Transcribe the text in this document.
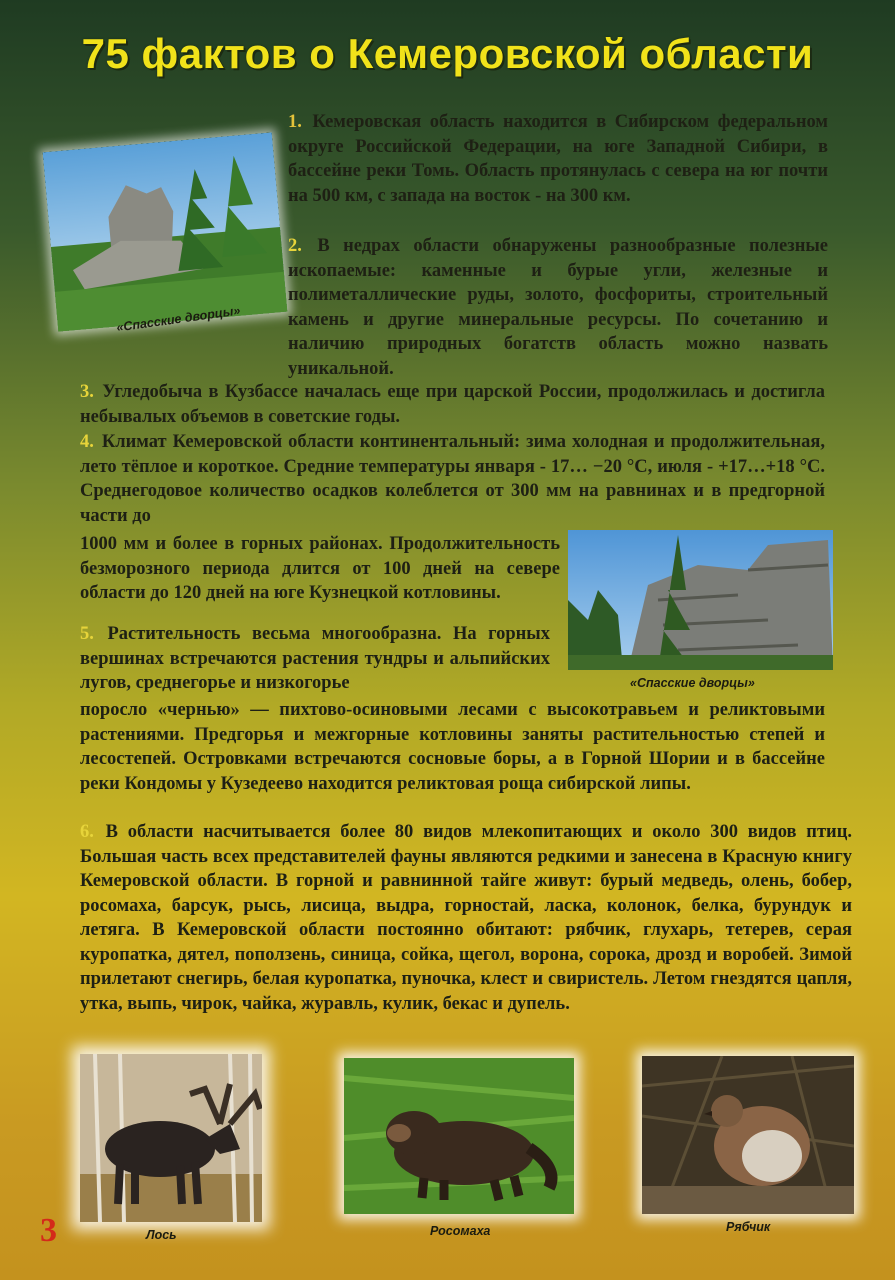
75 фактов о Кемеровской области
«Спасские дворцы»
1. Кемеровская область находится в Сибирском федеральном округе Российской Федерации, на юге Западной Сибири, в бассейне реки Томь. Область протянулась с севера на юг почти на 500 км, с запада на восток - на 300 км.
2. В недрах области обнаружены разнообразные полезные ископаемые: каменные и бурые угли, железные и полиметаллические руды, золото, фосфориты, строительный камень и другие минеральные ресурсы. По сочетанию и наличию природных богатств область можно назвать уникальной.
3. Угледобыча в Кузбассе началась еще при царской России, продолжилась и достигла небывалых объемов в советские годы.
4. Климат Кемеровской области континентальный: зима холодная и продолжительная, лето тёплое и короткое. Средние температуры января - 17… −20 °С, июля - +17…+18 °С. Среднегодовое количество осадков колеблется от 300 мм на равнинах и в предгорной части до
1000 мм и более в горных районах. Продолжительность безморозного периода длится от 100 дней на севере области до 120 дней на юге Кузнецкой котловины.
«Спасские дворцы»
5. Растительность весьма многообразна. На горных вершинах встречаются растения тундры и альпийских лугов, среднегорье и низкогорье
поросло «чернью» — пихтово-осиновыми лесами с высокотравьем и реликтовыми растениями. Предгорья и межгорные котловины заняты растительностью степей и лесостепей. Островками встречаются сосновые боры, а в Горной Шории и в бассейне реки Кондомы у Кузедеево находится реликтовая роща сибирской липы.
6. В области насчитывается более 80 видов млекопитающих и около 300 видов птиц. Большая часть всех представителей фауны являются редкими и занесена в Красную книгу Кемеровской области. В горной и равнинной тайге живут: бурый медведь, олень, бобер, росомаха, барсук, рысь, лисица, выдра, горностай, ласка, колонок, белка, бурундук и летяга. В Кемеровской области постоянно обитают: рябчик, глухарь, тетерев, серая куропатка, дятел, поползень, синица, сойка, щегол, ворона, сорока, дрозд и воробей. Зимой прилетают снегирь, белая куропатка, пуночка, клест и свиристель. Летом гнездятся цапля, утка, выпь, чирок, чайка, журавль, кулик, бекас и дупель.
Лось	Росомаха	Рябчик
3
